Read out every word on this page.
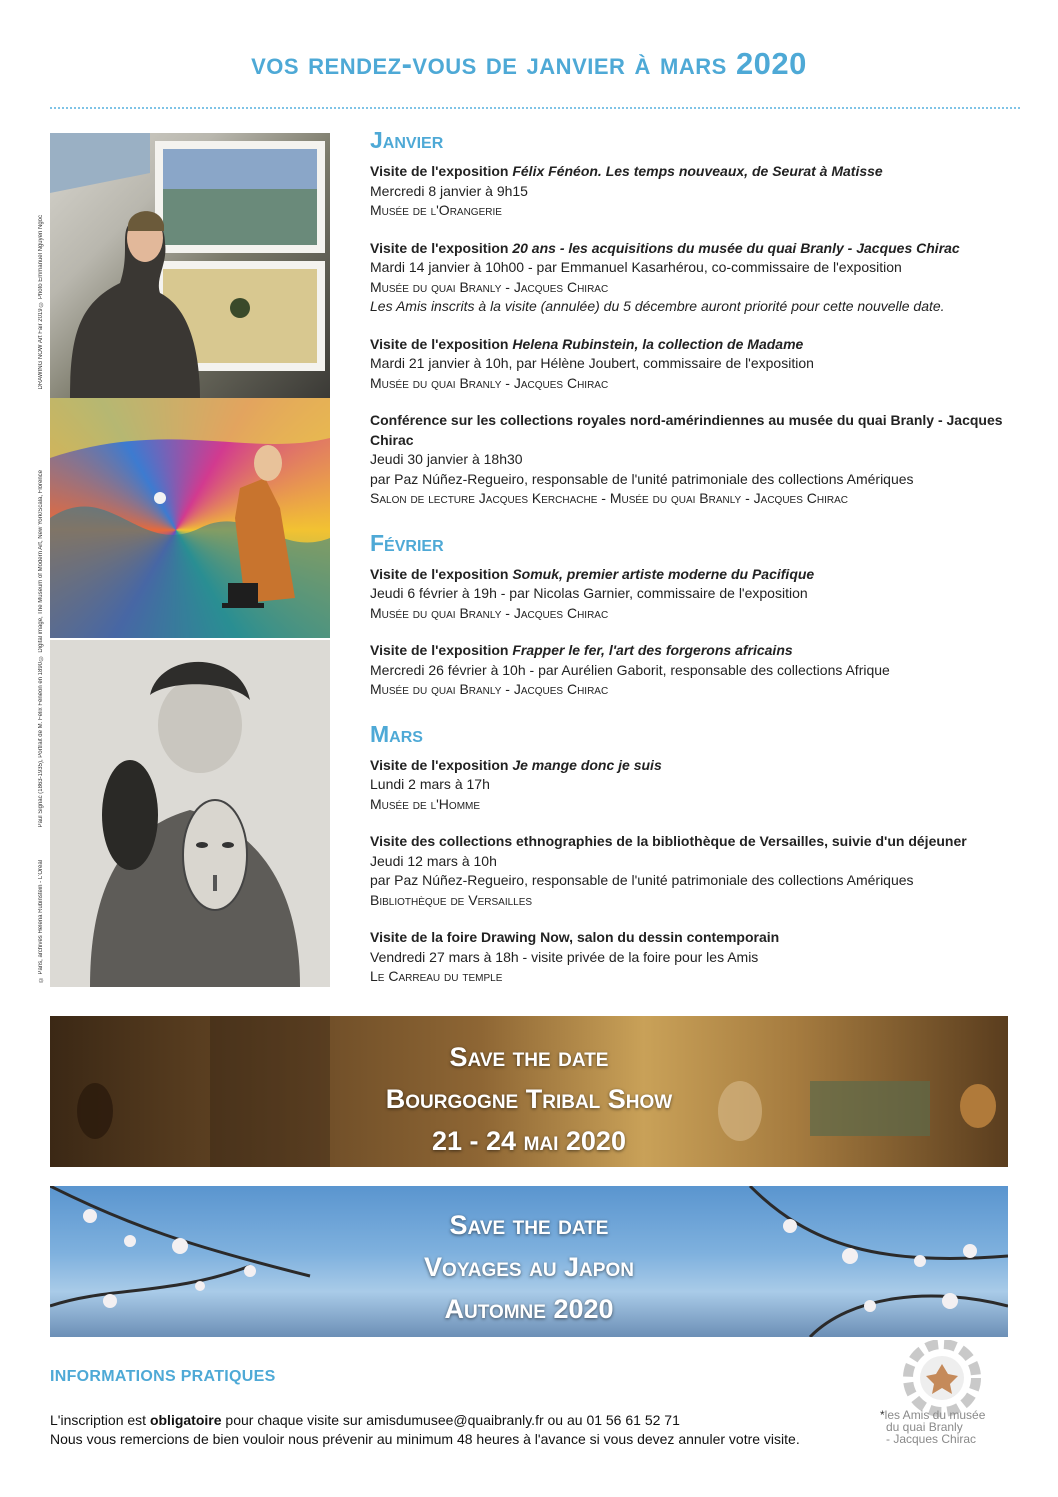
vos rendez-vous de janvier à mars 2020
DRAWING NOW Art Fair 2019 © Photo Emmanuel Nguyen Ngoc
Paul Signac (1863-1935), Portrait de M. Félix Fénéon en 1890 © Digital image, The Museum of Modern Art, New York/Scala, Florence
© Paris, archives Helena Rubinstein - L'Oréal
Janvier
Visite de l'exposition Félix Fénéon. Les temps nouveaux, de Seurat à Matisse
Mercredi 8 janvier à 9h15
Musée de l'Orangerie
Visite de l'exposition 20 ans - les acquisitions du musée du quai Branly - Jacques Chirac
Mardi 14 janvier à 10h00 - par Emmanuel Kasarhérou, co-commissaire de l'exposition
Musée du quai Branly - Jacques Chirac
Les Amis inscrits à la visite (annulée) du 5 décembre auront priorité pour cette nouvelle date.
Visite de l'exposition Helena Rubinstein, la collection de Madame
Mardi 21 janvier à 10h, par Hélène Joubert, commissaire de l'exposition
Musée du quai Branly - Jacques Chirac
Conférence sur les collections royales nord-amérindiennes au musée du quai Branly - Jacques Chirac
Jeudi 30 janvier à 18h30
par Paz Núñez-Regueiro, responsable de l'unité patrimoniale des collections Amériques
Salon de lecture Jacques Kerchache - Musée du quai Branly - Jacques Chirac
Février
Visite de l'exposition Somuk, premier artiste moderne du Pacifique
Jeudi 6 février à 19h - par Nicolas Garnier, commissaire de l'exposition
Musée du quai Branly - Jacques Chirac
Visite de l'exposition Frapper le fer, l'art des forgerons africains
Mercredi 26 février à 10h - par Aurélien Gaborit, responsable des collections Afrique
Musée du quai Branly - Jacques Chirac
Mars
Visite de l'exposition Je mange donc je suis
Lundi 2 mars à 17h
Musée de l'Homme
Visite des collections ethnographies de la bibliothèque de Versailles, suivie d'un déjeuner
Jeudi 12 mars à 10h
par Paz Núñez-Regueiro, responsable de l'unité patrimoniale des collections Amériques
Bibliothèque de Versailles
Visite de la foire Drawing Now, salon du dessin contemporain
Vendredi 27 mars à 18h - visite privée de la foire pour les Amis
Le Carreau du temple
Save the date
Bourgogne Tribal Show
21 - 24 mai 2020
Save the date
Voyages au Japon
Automne 2020
INFORMATIONS PRATIQUES
L'inscription est obligatoire pour chaque visite sur amisdumusee@quaibranly.fr ou au 01 56 61 52 71
Nous vous remercions de bien vouloir nous prévenir au minimum 48 heures à l'avance si vous devez annuler votre visite.
*les Amis du musée
du quai Branly
- Jacques Chirac
